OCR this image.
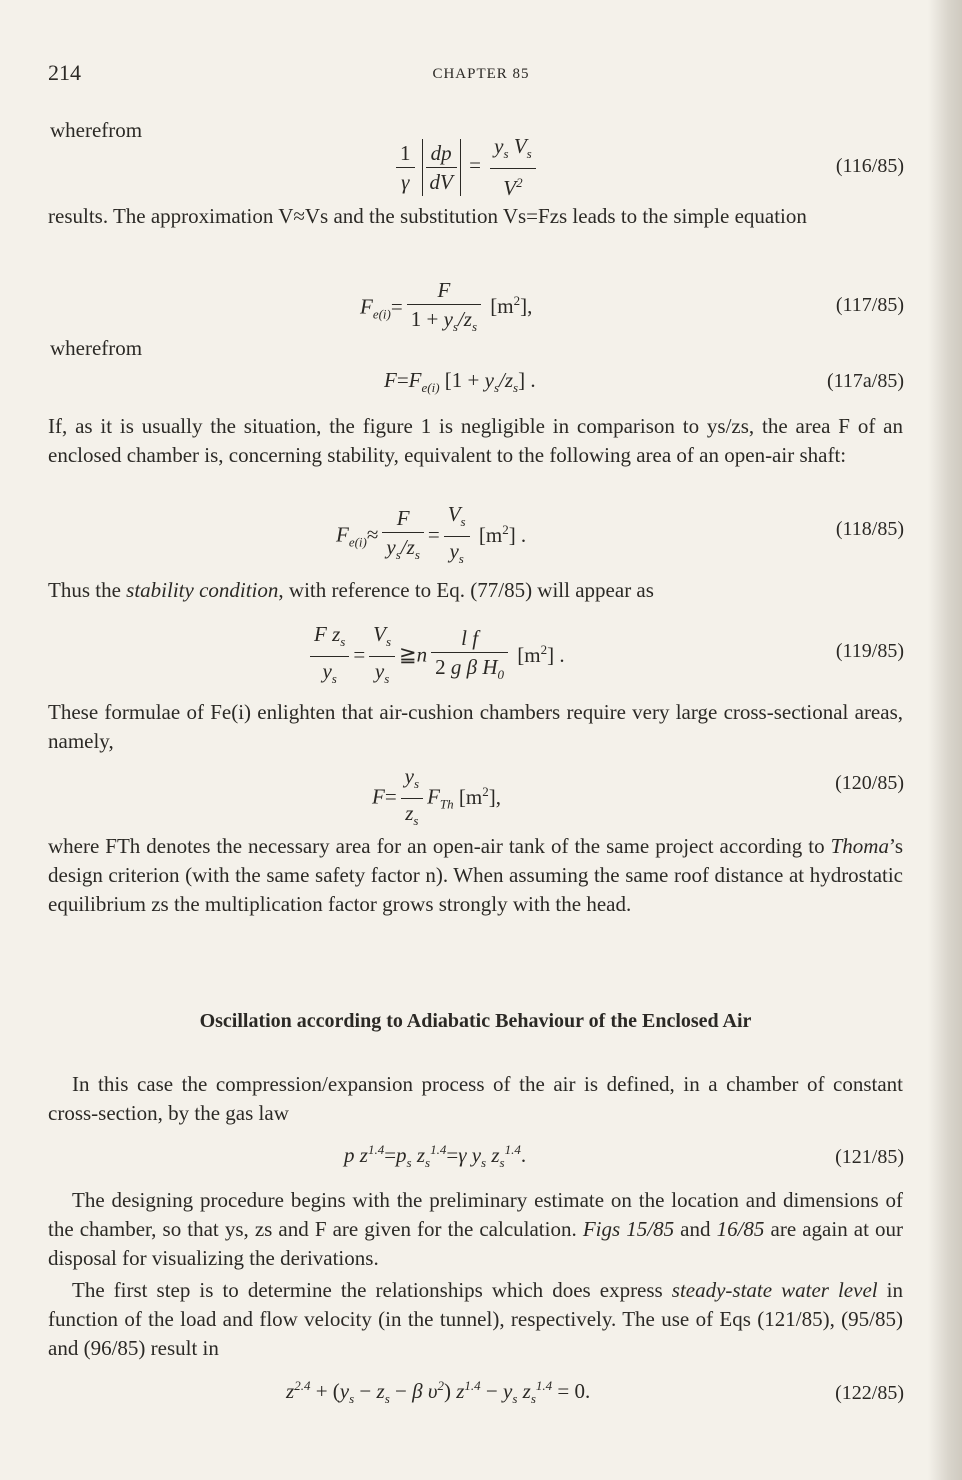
214	CHAPTER 85
wherefrom
$\frac{1}{\gamma} \frac{dp}{dV} = \frac{y_s V_s}{V^2}$	(116/85)

results. The approximation V≈Vs and the substitution Vs=Fzs leads to the simple equation

$F_{e(i)}= \frac{F}{1 + y_s/z_s} [m^2]$,	(117/85)
wherefrom
$F=F_{e(i)}$ $[1 + y_s/z_s]$ .	(117a/85)

If, as it is usually the situation, the figure 1 is negligible in comparison to ys/zs, the area F of an enclosed chamber is, concerning stability, equivalent to the following area of an open-air shaft:

$F_{e(i)}\approx \frac{F}{y_s/z_s} = \frac{V_s}{y_s} [m^2]$ .	(118/85)

Thus the stability condition, with reference to Eq. (77/85) will appear as

$\frac{F z_s}{y_s} = \frac{V_s}{y_s}$ ≧n $\frac{\text{l f}}{2 g \beta H_0} [m^2]$ .	(119/85)

These formulae of Fe(i) enlighten that air-cushion chambers require very large cross-sectional areas, namely,

$F= \frac{y_s}{z_s} F_{Th}$ $[m^2]$,
(120/85)

where FTh denotes the necessary area for an open-air tank of the same project according to Thoma’s design criterion (with the same safety factor n). When assuming the same roof distance at hydrostatic equilibrium zs the multiplication factor grows strongly with the head.

Oscillation according to Adiabatic Behaviour of the Enclosed Air

In this case the compression/expansion process of the air is defined, in a chamber of constant cross-section, by the gas law

p $z^{1.4}=p_s$ $z_s^{1.4}=\gamma$ $y_s$ $z_s^{1.4}$.	(121/85)

The designing procedure begins with the preliminary estimate on the location and dimensions of the chamber, so that ys, zs and F are given for the calculation. Figs 15/85 and 16/85 are again at our disposal for visualizing the derivations.

The first step is to determine the relationships which does express steady-state water level in function of the load and flow velocity (in the tunnel), respectively. The use of Eqs (121/85), (95/85) and (96/85) result in

$z^{2.4} + (y_s - z_s - \beta$ $\upsilon^2$) $z^{1.4} - y_s$ $z_s^{1.4} = 0$.	(122/85)
